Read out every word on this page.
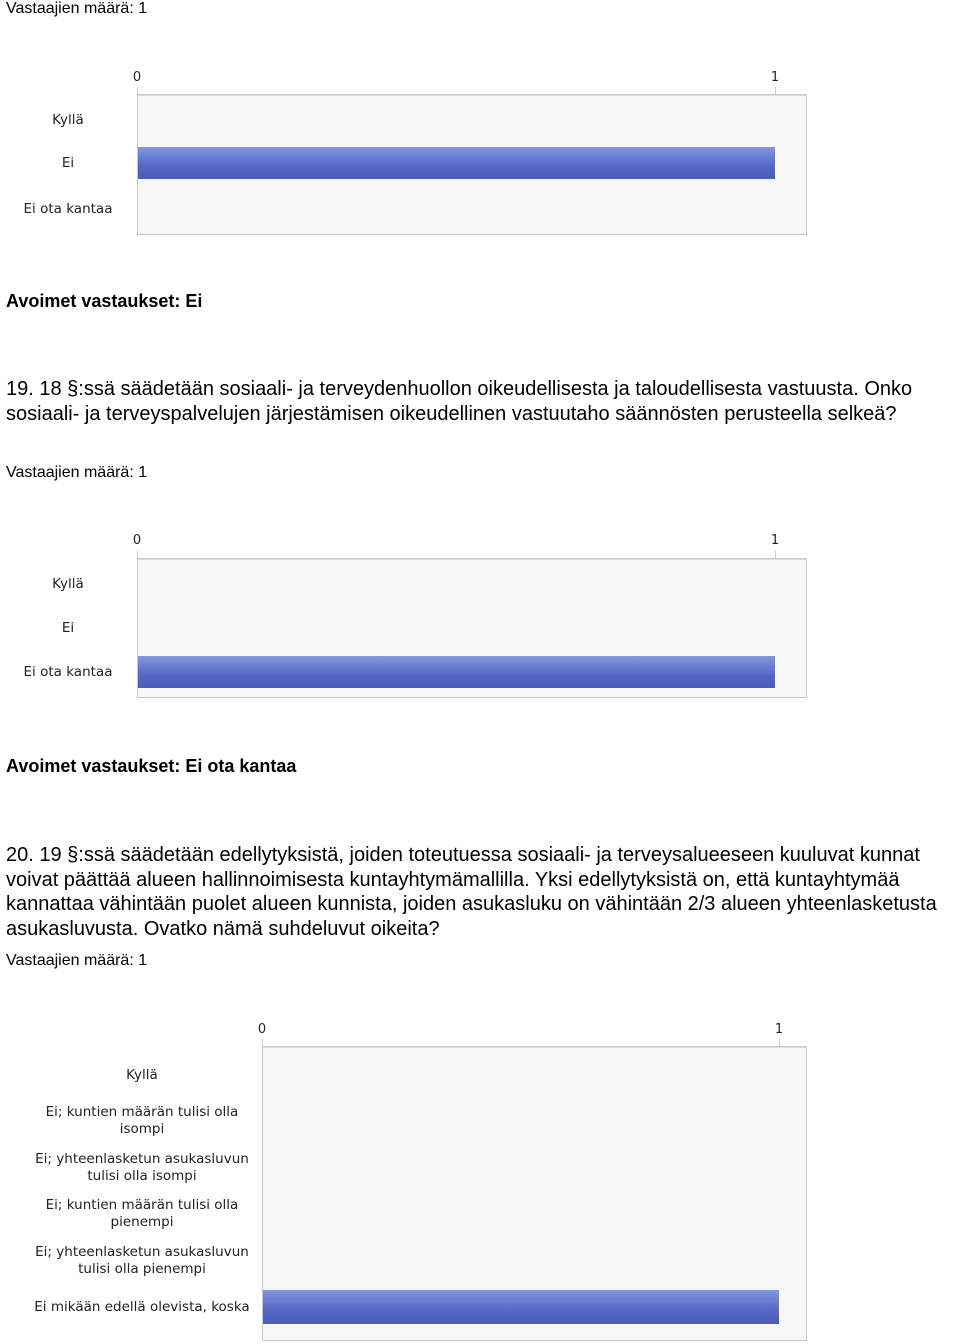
Vastaajien määrä: 1

0	1
Kyllä
Ei
Ei ota kantaa

Avoimet vastaukset: Ei

19. 18 §:ssä säädetään sosiaali- ja terveydenhuollon oikeudellisesta ja taloudellisesta vastuusta. Onko sosiaali- ja terveyspalvelujen järjestämisen oikeudellinen vastuutaho säännösten perusteella selkeä?

Vastaajien määrä: 1

0	1
Kyllä
Ei
Ei ota kantaa

Avoimet vastaukset: Ei ota kantaa

20. 19 §:ssä säädetään edellytyksistä, joiden toteutuessa sosiaali- ja terveysalueeseen kuuluvat kunnat voivat päättää alueen hallinnoimisesta kuntayhtymämallilla. Yksi edellytyksistä on, että kuntayhtymää kannattaa vähintään puolet alueen kunnista, joiden asukasluku on vähintään 2/3 alueen yhteenlasketusta asukasluvusta. Ovatko nämä suhdeluvut oikeita?

Vastaajien määrä: 1

0	1
Kyllä
Ei; kuntien määrän tulisi olla isompi
Ei; yhteenlasketun asukasluvun tulisi olla isompi
Ei; kuntien määrän tulisi olla pienempi
Ei; yhteenlasketun asukasluvun tulisi olla pienempi
Ei mikään edellä olevista, koska
